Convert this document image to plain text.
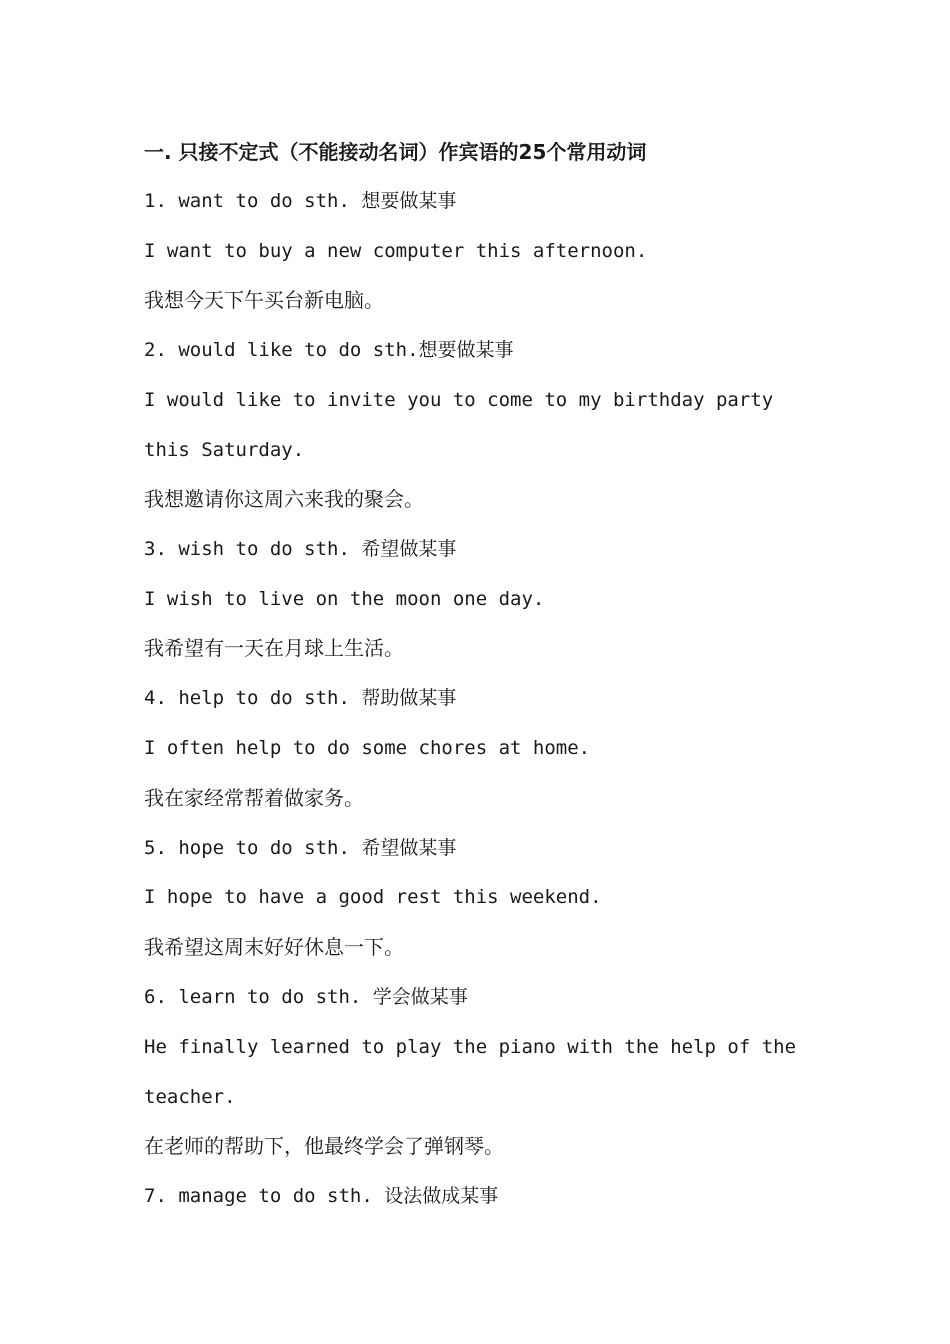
一. 只接不定式（不能接动名词）作宾语的25个常用动词
1. want to do sth. 想要做某事
I want to buy a new computer this afternoon.
我想今天下午买台新电脑。
2. would like to do sth.想要做某事
I would like to invite you to come to my birthday party
this Saturday.
我想邀请你这周六来我的聚会。
3. wish to do sth. 希望做某事
I wish to live on the moon one day.
我希望有一天在月球上生活。
4. help to do sth. 帮助做某事
I often help to do some chores at home.
我在家经常帮着做家务。
5. hope to do sth. 希望做某事
I hope to have a good rest this weekend.
我希望这周末好好休息一下。
6. learn to do sth. 学会做某事
He finally learned to play the piano with the help of the
teacher.
在老师的帮助下，他最终学会了弹钢琴。
7. manage to do sth. 设法做成某事
